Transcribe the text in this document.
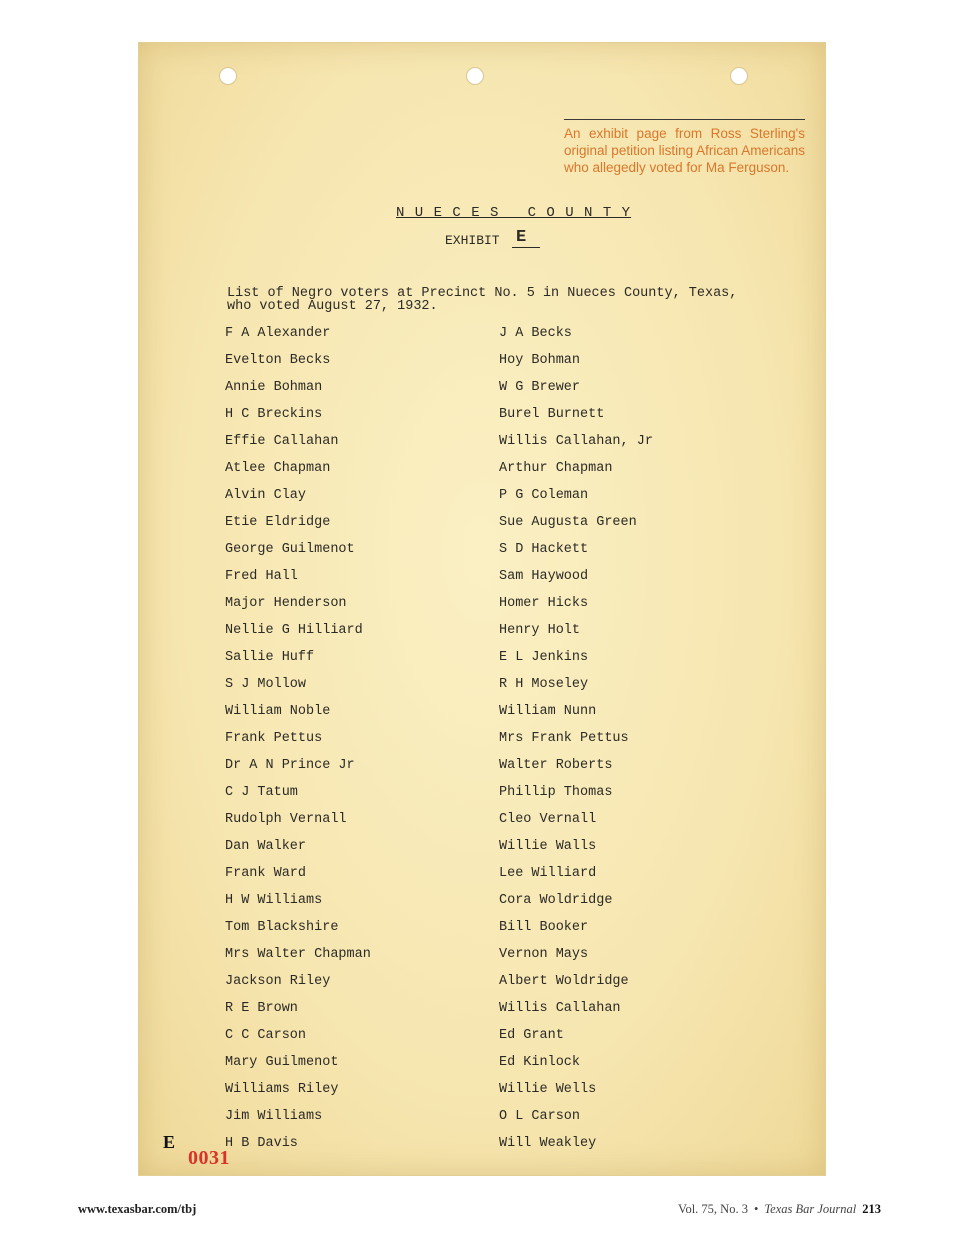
An exhibit page from Ross Sterling's original petition listing African Americans who allegedly voted for Ma Ferguson.
N U E C E S   C O U N T Y
EXHIBIT E
List of Negro voters at Precinct No. 5 in Nueces County, Texas,
who voted August 27, 1932.
F A Alexander
Evelton Becks
Annie Bohman
H C Breckins
Effie Callahan
Atlee Chapman
Alvin Clay
Etie Eldridge
George Guilmenot
Fred Hall
Major Henderson
Nellie G Hilliard
Sallie Huff
S J Mollow
William Noble
Frank Pettus
Dr A N Prince Jr
C J Tatum
Rudolph Vernall
Dan Walker
Frank Ward
H W Williams
Tom Blackshire
Mrs Walter Chapman
Jackson Riley
R E Brown
C C Carson
Mary Guilmenot
Williams Riley
Jim Williams
H B Davis
J A Becks
Hoy Bohman
W G Brewer
Burel Burnett
Willis Callahan, Jr
Arthur Chapman
P G Coleman
Sue Augusta Green
S D Hackett
Sam Haywood
Homer Hicks
Henry Holt
E L Jenkins
R H Moseley
William Nunn
Mrs Frank Pettus
Walter Roberts
Phillip Thomas
Cleo Vernall
Willie Walls
Lee Williard
Cora Woldridge
Bill Booker
Vernon Mays
Albert Woldridge
Willis Callahan
Ed Grant
Ed Kinlock
Willie Wells
O L Carson
Will Weakley
E
0031
www.texasbar.com/tbj	Vol. 75, No. 3 • Texas Bar Journal 213
